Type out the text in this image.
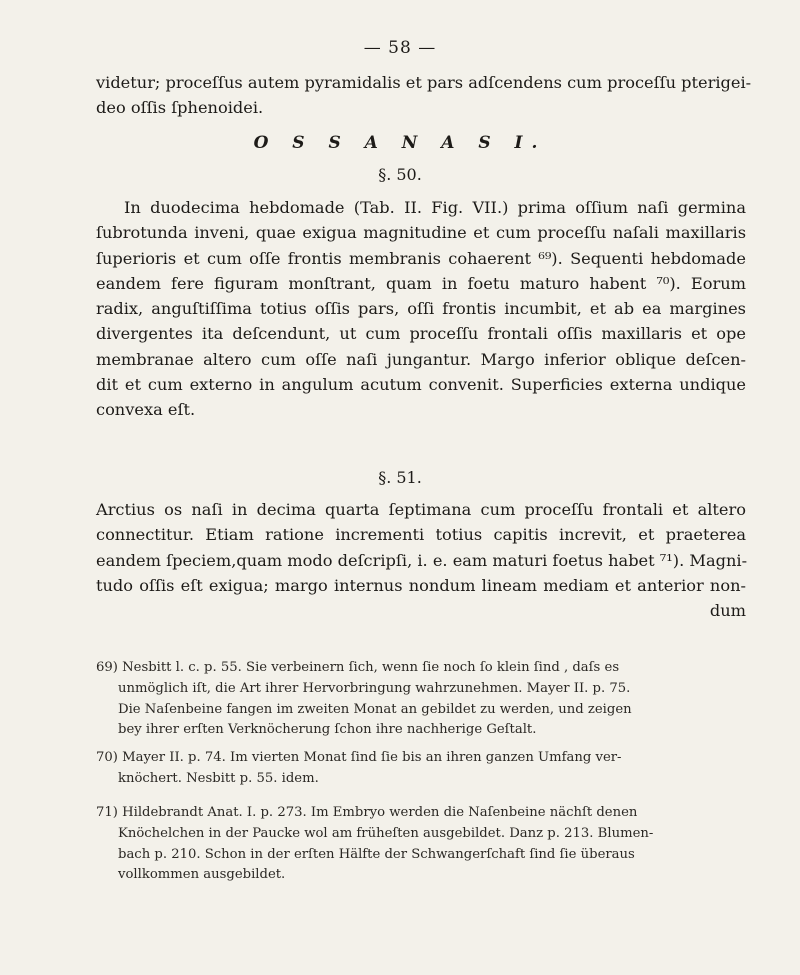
— 58 —
videtur; proceſſus autem pyramidalis et pars adſcendens cum proceſſu pterigei-
deo oſſis ſphenoidei.
O S S A N A S I.
§. 50.
In duodecima hebdomade (Tab. II. Fig. VII.) prima oſſium naſi germina
ſubrotunda inveni, quae exigua magnitudine et cum proceſſu naſali maxillaris
ſuperioris et cum oſſe frontis membranis cohaerent ⁶⁹). Sequenti hebdomade
eandem fere figuram monſtrant, quam in foetu maturo habent ⁷⁰). Eorum
radix, anguſtiſſima totius oſſis pars, oſſi frontis incumbit, et ab ea margines
divergentes ita deſcendunt, ut cum proceſſu frontali oſſis maxillaris et ope
membranae altero cum oſſe naſi jungantur. Margo inferior oblique deſcen-
dit et cum externo in angulum acutum convenit. Superficies externa undique
convexa eſt.
§. 51.
Arctius os naſi in decima quarta ſeptimana cum proceſſu frontali et altero
connectitur. Etiam ratione incrementi totius capitis increvit, et praeterea
eandem ſpeciem,quam modo deſcripſi, i. e. eam maturi foetus habet ⁷¹). Magni-
tudo oſſis eſt exigua; margo internus nondum lineam mediam et anterior non-
dum
69) Nesbitt l. c. p. 55. Sie verbeinern ſich, wenn ſie noch ſo klein ſind , daſs es
unmöglich iſt, die Art ihrer Hervorbringung wahrzunehmen. Mayer II. p. 75.
Die Naſenbeine fangen im zweiten Monat an gebildet zu werden, und zeigen
bey ihrer erſten Verknöcherung ſchon ihre nachherige Geſtalt.
70) Mayer II. p. 74. Im vierten Monat ſind ſie bis an ihren ganzen Umfang ver-
knöchert. Nesbitt p. 55. idem.
71) Hildebrandt Anat. I. p. 273. Im Embryo werden die Naſenbeine nächſt denen
Knöchelchen in der Paucke wol am früheſten ausgebildet. Danz p. 213. Blumen-
bach p. 210. Schon in der erſten Hälfte der Schwangerſchaft ſind ſie überaus
vollkommen ausgebildet.
